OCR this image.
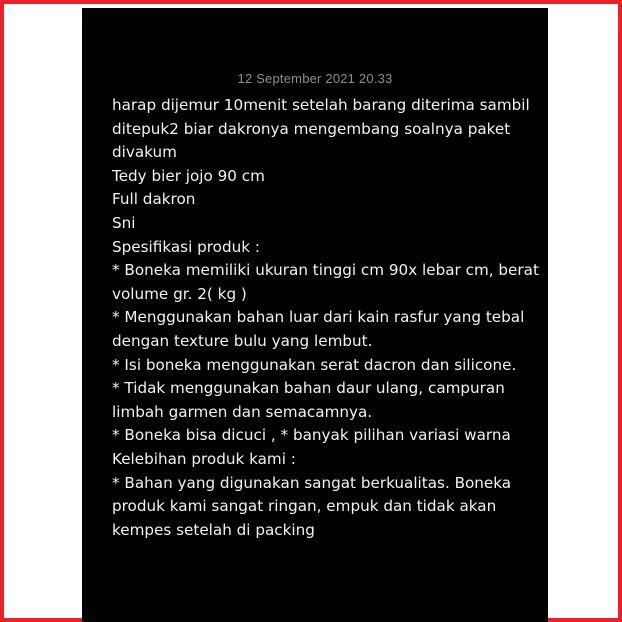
12 September 2021 20.33
harap dijemur 10menit setelah barang diterima sambil
ditepuk2 biar dakronya mengembang soalnya paket
divakum
Tedy bier jojo 90 cm
Full dakron
Sni
Spesifikasi produk :
* Boneka memiliki ukuran tinggi cm 90x lebar cm, berat
volume gr. 2( kg )
* Menggunakan bahan luar dari kain rasfur yang tebal
dengan texture bulu yang lembut.
* Isi boneka menggunakan serat dacron dan silicone.
* Tidak menggunakan bahan daur ulang, campuran
limbah garmen dan semacamnya.
* Boneka bisa dicuci , * banyak pilihan variasi warna
Kelebihan produk kami :
* Bahan yang digunakan sangat berkualitas. Boneka
produk kami sangat ringan, empuk dan tidak akan
kempes setelah di packing
